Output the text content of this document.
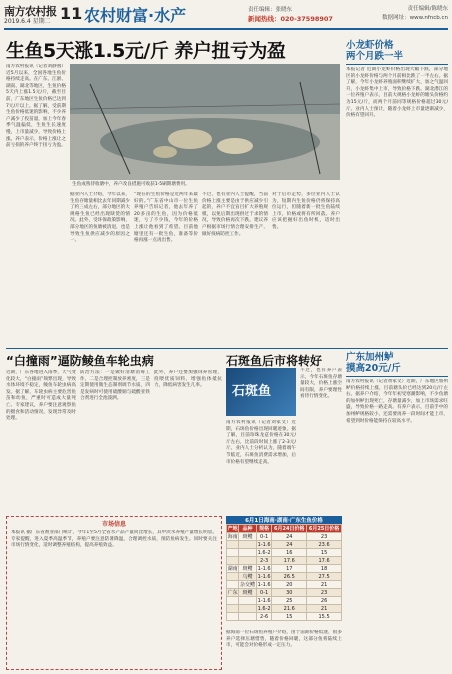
南方农村报
2019.6.4 星期二 11 农村财富·水产	责任编辑：张晓东
新闻热线：020-37598907
责任编辑/陈晓东
数据网址：www.nfncb.cn
生鱼5天涨1.5元/斤 养户扭亏为盈
南方农村报讯（记者刘静燕）近5月以来，全国各地生鱼价格持续走高。在广东、江浙、湖南、湖北等地区，生鱼价格5天内上涨1.5元/斤，截至目前，广东地区生鱼价格已达到7元/斤以上。据了解，受前期生鱼价格低迷的影响，不少养户减少了投苗量，加上今年春季气温偏低，生鱼生长速度慢，上市量减少，导致价格上涨。养户表示，价格上涨让之前亏损的养户终于扭亏为盈。
生鱼成熟待收塘中，养户改良措施可收获1-5刷期塘费用。
据业内人士介绍，今年以来，生鱼存塘量相比去年同期减少了约三成左右，部分地区的大规格生鱼已经出现缺货的情况。此外，受环保政策影响，部分地区的鱼塘被清退，也是导致生鱼供应减少的原因之一。
“现在的生鱼价格是近两年来最好的。”广东省中山市一位生鱼养殖户告诉记者，他去年养了20多亩的生鱼，因为价格低迷，亏了不少钱，今年的价格上涨让他看到了希望。目前他塘里还有一批生鱼，准备等价格再涨一点再出售。
不过，也有业内人士提醒，当前价格上涨主要是由于供应减少引起的，养户不宜盲目扩大养殖规模，以免后期出现供过于求的情况，导致价格再次下跌。建议养户根据市场行情合理安排生产，做好疫病防控工作。
对于后市走势，多位业内人士认为，短期内生鱼价格仍将保持高位运行，但随着新一批生鱼陆续上市，价格或将有所回落。养户应该把握好出鱼时机，适时出售。
小龙虾价格
两个月跌一半
本报记者 近期小龙虾价格出现大幅下跌，部分地区的小龙虾价格与两个月前相比跌了一半左右。据了解，今年小龙虾养殖面积继续扩大，加之气温回升，小龙虾集中上市，导致价格下跌。湖北潜江的一位养殖户表示，目前大规格小龙虾的塘头价格约为15元/斤，而两个月前同等规格价格超过30元/斤。业内人士预计，随着小龙虾上市量逐渐减少，价格有望回升。
“白撞雨”逼防鲮鱼车轮虫病
近期，广东各地进入雨季，天气变化较大，“白撞雨”频繁出现，导致水体环境不稳定，鲮鱼车轮虫病高发。据了解，车轮虫病主要危害鱼苗和幼鱼，严重时可造成大量死亡。专家建议，养户要注意观察鱼的摄食和活动情况，发现异常及时处理。
防治方法：一是做好清塘消毒工作，二是合理控制放养密度，三是定期使用微生态制剂调节水质，四是发病时可使用硫酸铜与硫酸亚铁合剂进行全池泼洒。
此外，养户还要加强饲养管理，投喂优质饲料，增强鱼体抵抗力，降低病害发生几率。
市场信息
本报讯 据广东省渔业部门统计，今年1至5月全省水产品产量同比增长，其中淡水养殖产量增长明显。专家提醒，进入夏季高温季节，养殖户要注意防暑降温，合理调控水质，预防鱼病发生。同时要关注市场行情变化，适时调整养殖结构，提高养殖效益。
石斑鱼后市将转好
石斑鱼
南方农村报讯（记者刘家文）近期，石斑鱼价格出现回暖迹象。据了解，目前珍珠龙趸价格在30元/斤左右，比前段时间上涨了2-3元/斤。业内人士分析认为，随着端午节临近，石斑鱼消费需求增加，后市价格有望继续走高。
不过，也有养户表示，今年石斑鱼存塘量较大，价格上涨空间有限，养户要理性看待行情变化。
广东加州鲈
摸高20元/斤
南方农村报讯（记者黄家文）近期，广东地区加州鲈价格持续上涨，目前塘头价已经达到20元/斤左右。据养户介绍，今年年初受寒潮影响，不少鱼塘的加州鲈出现死亡，存塘量减少，加上市场需求旺盛，导致价格一路走高。有养户表示，目前手中的加州鲈规格较小，还需要再养一段时间才能上市，希望到时价格能保持在较高水平。
6月1日海南·湖南·广东生鱼价格
产地	品种	规格	6月24日价格	6月25日价格
海南	斑鳢	0-1	24	23
		1-1.6	24	23.6
		1.6-2	16	15
		2-3	17.6	17.6
湖南	斑鳢	1-1.6	17	18
	乌鳢	1-1.6	26.5	27.5
	杂交鳢	1-1.6	20	21
广东	斑鳢	0-1	30	23
		1-1.6	25	26
		1.6-2	21.6	21
		2-6	15	15.5
据海南一位石斑鱼养殖户介绍，由于前期价格低迷，很多养户选择压塘惜售，随着价格回暖，这部分鱼将陆续上市，可能会对价格形成一定压力。
